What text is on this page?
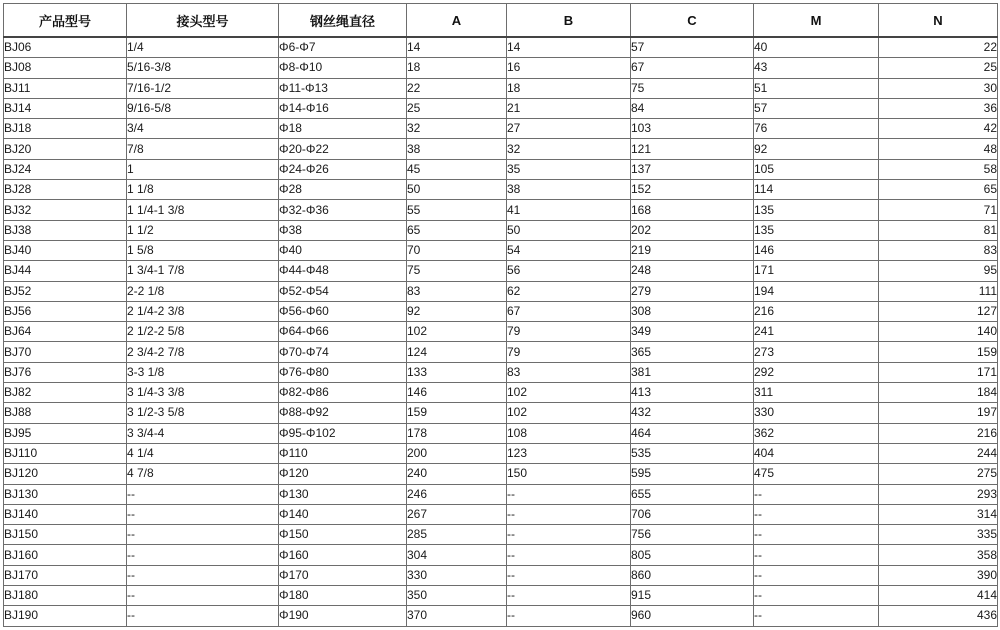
产品型号	接头型号	钢丝绳直径	A	B	C	M	N
BJ06	1/4	Φ6-Φ7	14	14	57	40	22
BJ08	5/16-3/8	Φ8-Φ10	18	16	67	43	25
BJ11	7/16-1/2	Φ11-Φ13	22	18	75	51	30
BJ14	9/16-5/8	Φ14-Φ16	25	21	84	57	36
BJ18	3/4	Φ18	32	27	103	76	42
BJ20	7/8	Φ20-Φ22	38	32	121	92	48
BJ24	1	Φ24-Φ26	45	35	137	105	58
BJ28	1 1/8	Φ28	50	38	152	114	65
BJ32	1 1/4-1 3/8	Φ32-Φ36	55	41	168	135	71
BJ38	1 1/2	Φ38	65	50	202	135	81
BJ40	1 5/8	Φ40	70	54	219	146	83
BJ44	1 3/4-1 7/8	Φ44-Φ48	75	56	248	171	95
BJ52	2-2 1/8	Φ52-Φ54	83	62	279	194	111
BJ56	2 1/4-2 3/8	Φ56-Φ60	92	67	308	216	127
BJ64	2 1/2-2 5/8	Φ64-Φ66	102	79	349	241	140
BJ70	2 3/4-2 7/8	Φ70-Φ74	124	79	365	273	159
BJ76	3-3 1/8	Φ76-Φ80	133	83	381	292	171
BJ82	3 1/4-3 3/8	Φ82-Φ86	146	102	413	311	184
BJ88	3 1/2-3 5/8	Φ88-Φ92	159	102	432	330	197
BJ95	3 3/4-4	Φ95-Φ102	178	108	464	362	216
BJ110	4 1/4	Φ110	200	123	535	404	244
BJ120	4 7/8	Φ120	240	150	595	475	275
BJ130	--	Φ130	246	--	655	--	293
BJ140	--	Φ140	267	--	706	--	314
BJ150	--	Φ150	285	--	756	--	335
BJ160	--	Φ160	304	--	805	--	358
BJ170	--	Φ170	330	--	860	--	390
BJ180	--	Φ180	350	--	915	--	414
BJ190	--	Φ190	370	--	960	--	436
